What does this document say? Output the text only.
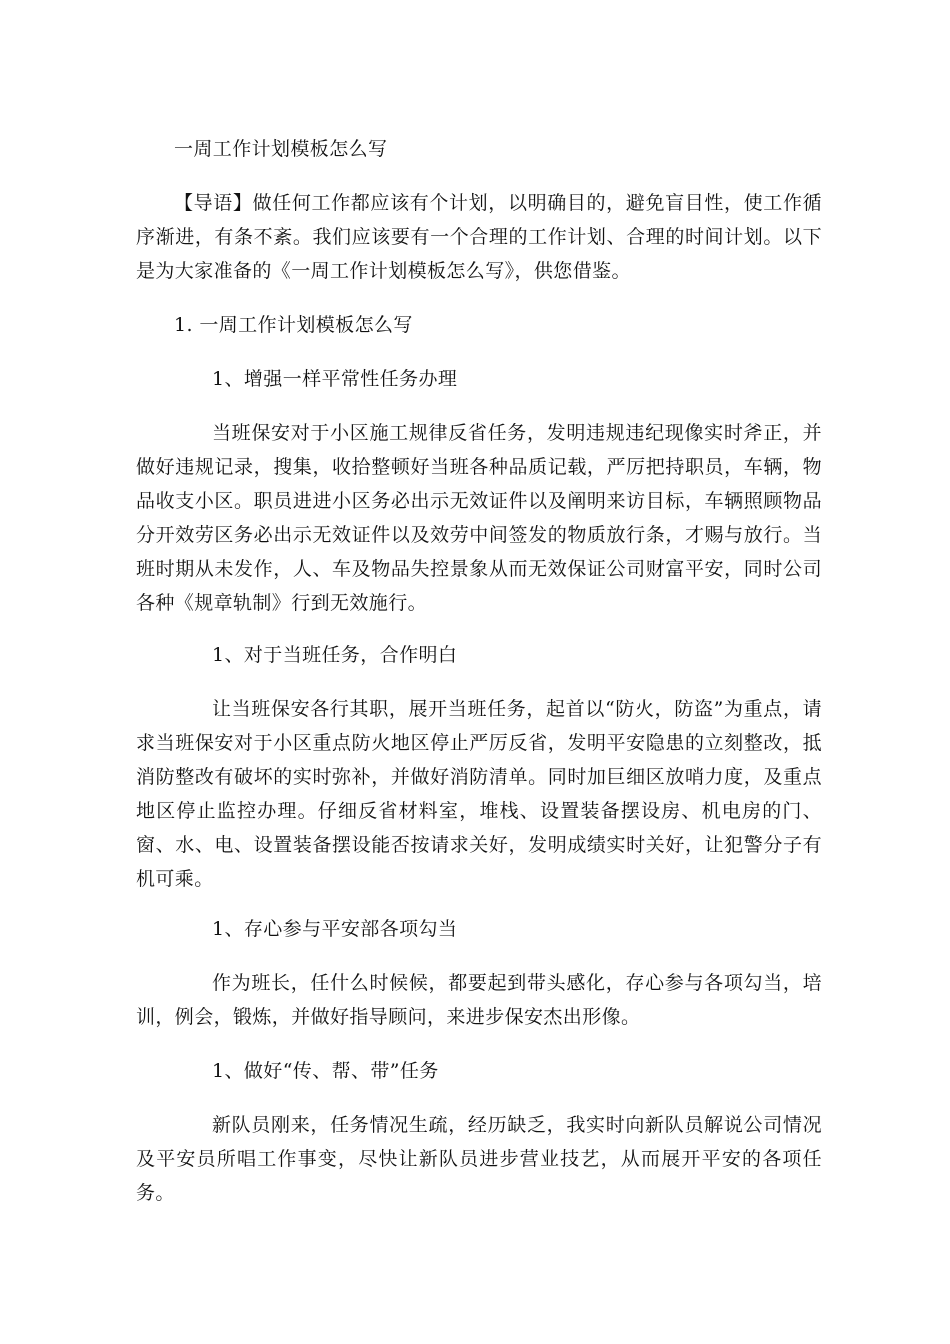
一周工作计划模板怎么写

【导语】做任何工作都应该有个计划，以明确目的，避免盲目性，使工作循序渐进，有条不紊。我们应该要有一个合理的工作计划、合理的时间计划。以下是为大家准备的《一周工作计划模板怎么写》，供您借鉴。

1. 一周工作计划模板怎么写

1、增强一样平常性任务办理

当班保安对于小区施工规律反省任务，发明违规违纪现像实时斧正，并做好违规记录，搜集，收拾整顿好当班各种品质记载，严厉把持职员，车辆，物品收支小区。职员进进小区务必出示无效证件以及阐明来访目标，车辆照顾物品分开效劳区务必出示无效证件以及效劳中间签发的物质放行条，才赐与放行。当班时期从未发作，人、车及物品失控景象从而无效保证公司财富平安，同时公司各种《规章轨制》行到无效施行。

1、对于当班任务，合作明白

让当班保安各行其职，展开当班任务，起首以“防火，防盗”为重点，请求当班保安对于小区重点防火地区停止严厉反省，发明平安隐患的立刻整改，抵消防整改有破坏的实时弥补，并做好消防清单。同时加巨细区放哨力度，及重点地区停止监控办理。仔细反省材料室，堆栈、设置装备摆设房、机电房的门、窗、水、电、设置装备摆设能否按请求关好，发明成绩实时关好，让犯警分子有机可乘。

1、存心参与平安部各项勾当

作为班长，任什么时候候，都要起到带头感化，存心参与各项勾当，培训，例会，锻炼，并做好指导顾问，来进步保安杰出形像。

1、做好“传、帮、带”任务

新队员刚来，任务情况生疏，经历缺乏，我实时向新队员解说公司情况及平安员所唱工作事变，尽快让新队员进步营业技艺，从而展开平安的各项任务。
